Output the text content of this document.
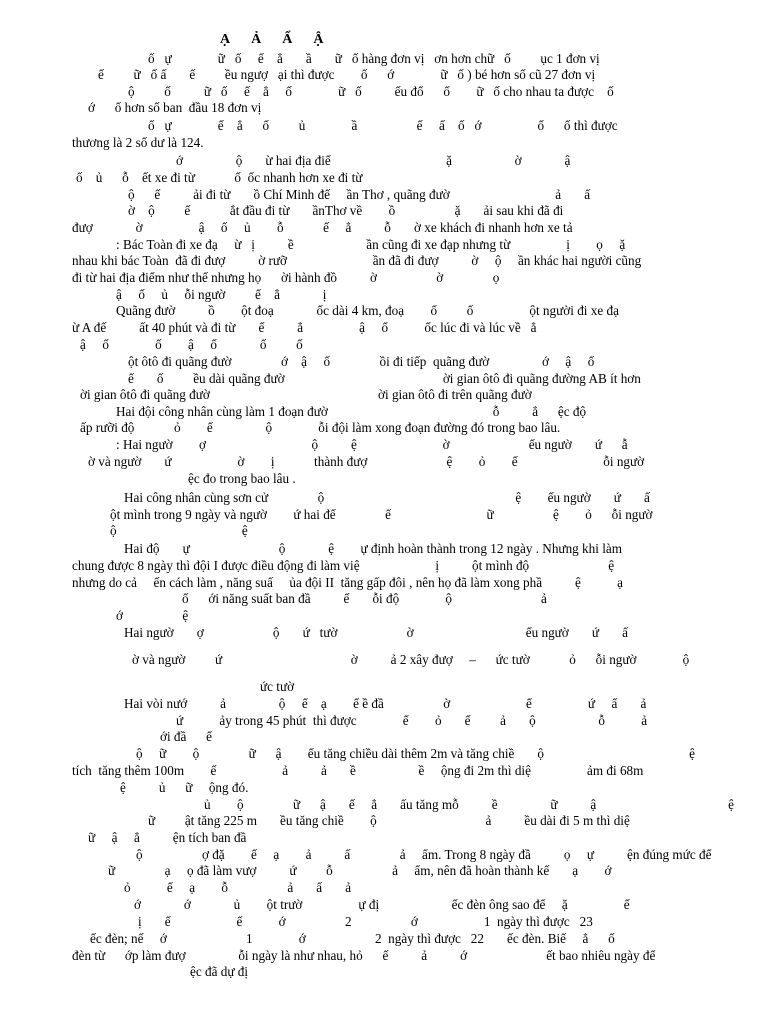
Ạ      Ả      Ẩ      Ậ
ố   ự              ữ   ố     ế    ẳ       ầ       ữ   ố hàng đơn vị   ơn hơn chữ   ố         ục 1 đơn vị
ế         ữ   ố ấ       ế         ều ngượ   ại thì được        ố      ớ              ữ   ố ) bé hơn số cũ 27 đơn vị
ộ         ố          ữ   ố     ế    ẳ     ố              ữ   ố          ếu đổ      ố        ữ   ố cho nhau ta được    ố
ớ      ố hơn số ban  đầu 18 đơn vị
ố   ự              ế    ẳ      ố         ủ              ầ                  ế     ấ    ố   ớ                 ố      ố thì được
thương là 2 số dư là 124.
ớ                ộ       ừ hai địa điể                                   ặ                   ờ             ậ
ố    ủ      ỗ    ết xe đi từ            ố  ốc nhanh hơn xe đi từ
ộ      ế          ải đi từ       ồ Chí Minh đế     ần Thơ , quãng đườ                                ả       ấ
ờ    ộ         ế            ắt đầu đi từ       ầnThơ về        ồ                  ặ       ải sau khi đã đi
đượ             ờ                 ậ     ố     ủ        ỗ            ế     ẳ          ỗ       ờ xe khách đi nhanh hơn xe tả
: Bác Toàn đi xe đạ     ừ   ị          ề                      ần cũng đi xe đạp nhưng từ                 ị        ọ     ặ
nhau khi bác Toàn  đã đi đượ          ờ rưỡ                          ần đã đi đượ          ờ     ộ     ần khác hai người cũng
đi từ hai địa điểm như thế nhưng họ      ời hành đồ          ờ                  ờ               ọ
ậ     ố     ủ     ỗi ngườ         ế    ẳ             ị
Quãng đườ          ồ        ột đoạ             ốc dài 4 km, đoạ        ố         ố                 ột người đi xe đạ
ừ A đế          ất 40 phút và đi từ       ế          ẳ                 ậ     ố           ốc lúc đi và lúc về   ẳ
ậ     ố              ố        ậ     ố             ố         ố
ột ôtô đi quãng đườ               ớ    ậ     ố               ồi đi tiếp  quãng đườ                ớ     ậ     ố
ế       ố         ều dài quãng đườ                                                ời gian ôtô đi quãng đường AB ít hơn
ời gian ôtô đi quãng đườ                                                   ời gian ôtô đi trên quãng đườ
Hai đội công nhân cùng làm 1 đoạn đườ                                                  ỗ          ẳ      ệc độ
ấp rưỡi độ            ỏ        ế                ộ              ỗi đội làm xong đoạn đường đó trong bao lâu.
: Hai ngườ        ợ                                ộ          ệ                          ờ                        ếu ngườ       ứ      ẫ
ờ và ngườ       ứ                    ờ        ị            thành đượ                        ệ        ỏ        ế                          ỗi ngườ
ệc đo trong bao lâu .
Hai công nhân cùng sơn cử               ộ                                                          ệ        ếu ngườ       ứ       ấ
ột mình trong 9 ngày và ngườ        ứ hai đế               ế                             ữ                  ệ        ỏ      ỗi ngườ
ộ                                      ệ
Hai độ       ự                           ộ             ệ        ự định hoàn thành trong 12 ngày . Nhưng khi làm
chung được 8 ngày thì đội I được điều động đi làm việ                       ị          ột mình độ                        ệ
nhưng do cả     ến cách làm , năng suấ     ủa đội II  tăng gấp đôi , nên họ đã làm xong phầ          ệ           ạ
ố      ới năng suất ban đầ          ế       ỗi độ              ộ                           ả
ớ                  ệ
Hai ngườ       ợ                     ộ       ứ   tườ                     ờ                                  ếu ngườ       ứ       ấ
ờ và ngườ         ứ                                       ờ          ả 2 xây đượ     –      ức tườ            ỏ      ỗi ngườ              ộ
ức tườ
Hai vòi nướ          ả                ộ     ể    ạ        ể ề đầ                  ờ                       ể                 ứ     ẩ       ả
ứ           ảy trong 45 phút  thì được              ể        ỏ       ế         ả       ộ                   ỗ           ả
ới đầ      ể
ộ     ữ        ộ               ữ      ậ        ếu tăng chiều dài thêm 2m và tăng chiề       ộ                                            ệ
tích  tăng thêm 100m        ế                    ả          ả       ề                   ề     ộng đi 2m thì diệ                 ảm đi 68m
ệ          ủ      ữ     ộng đó.
ủ        ộ               ữ      ậ       ế     ẳ       ấu tăng mỗ          ề                ữ          ậ                                        ệ
ữ         ật tăng 225 m       ều tăng chiề        ộ                                 ả          ều dài đi 5 m thì diệ
ữ     ậ     ẳ          ện tích ban đầ
ộ                  ợ đặ        ế     ạ        ả          ấ               ả     ẩm. Trong 8 ngày đầ          ọ     ự          ện đúng mức để
ữ               ạ     ọ đã làm vượ          ứ         ỗ                  ả     ẩm, nên đã hoàn thành kế       ạ        ớ
ỏ           ế     ạ        ỗ                  ả       ẩ       ả
ớ             ớ             ủ        ột trườ                 ự đị                      ếc đèn ông sao để     ặ                 ế
ị       ế                    ế           ớ                  2                  ớ                    1  ngày thì được   23
ếc đèn; nế     ớ                        1              ớ                     2  ngày thì được   22       ếc đèn. Biế     ẳ      ố
đèn từ      ớp làm đượ                ỗi ngày là như nhau, hỏ      ế          ả          ớ                        ết bao nhiêu ngày để
ệc đã dự đị
